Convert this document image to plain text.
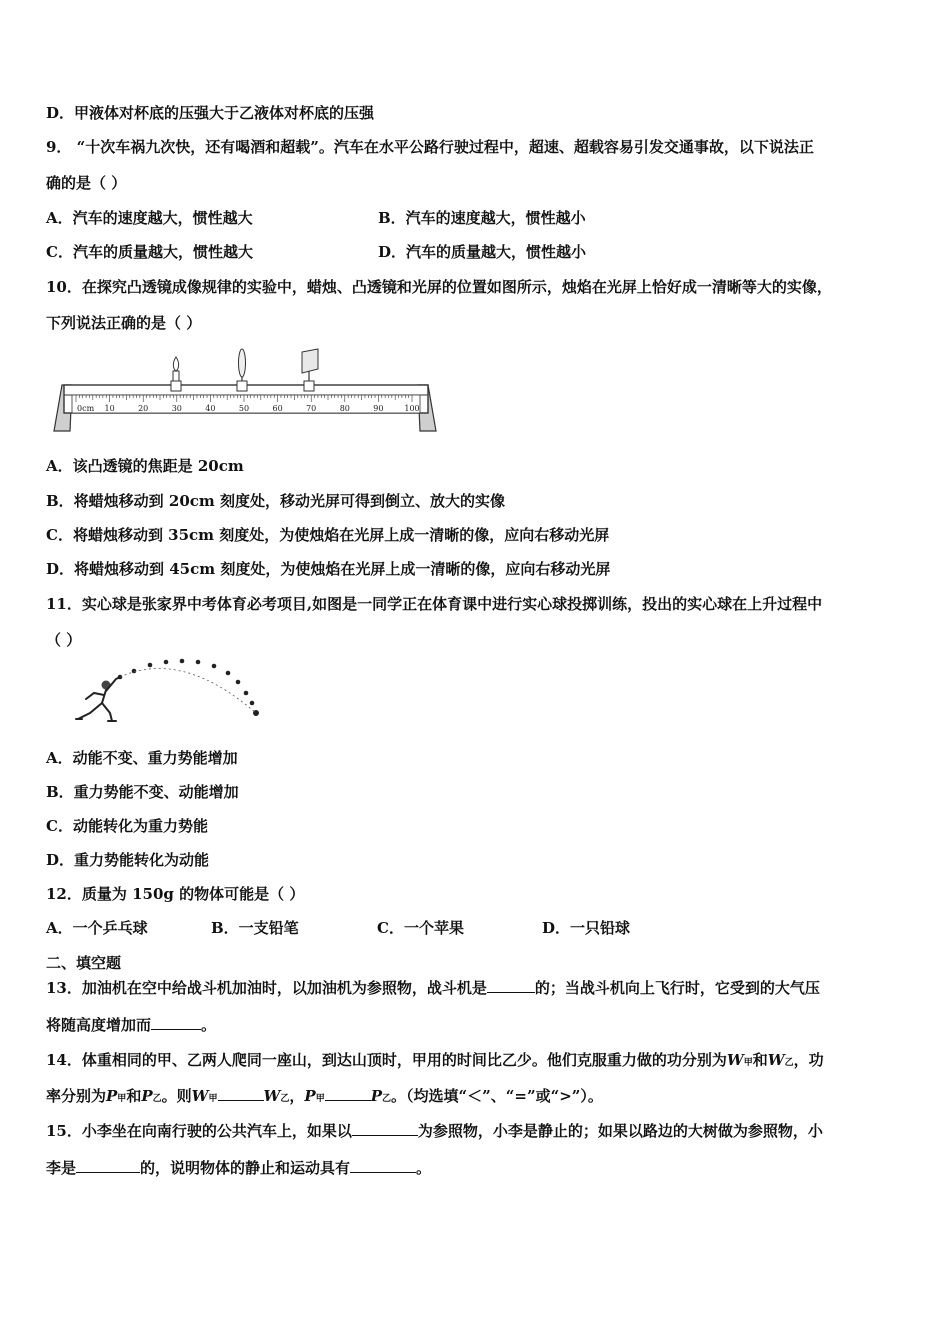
D．甲液体对杯底的压强大于乙液体对杯底的压强
9． “十次车祸九次快，还有喝酒和超载”。汽车在水平公路行驶过程中，超速、超载容易引发交通事故，以下说法正
确的是（ ）
A．汽车的速度越大，惯性越大	B．汽车的速度越大，惯性越小
C．汽车的质量越大，惯性越大	D．汽车的质量越大，惯性越小
10．在探究凸透镜成像规律的实验中，蜡烛、凸透镜和光屏的位置如图所示，烛焰在光屏上恰好成一清晰等大的实像，
下列说法正确的是（ ）
0cm 10	20	30	40	50	60	70	80	90	100
A．该凸透镜的焦距是 20cm
B．将蜡烛移动到 20cm 刻度处，移动光屏可得到倒立、放大的实像
C．将蜡烛移动到 35cm 刻度处，为使烛焰在光屏上成一清晰的像，应向右移动光屏
D．将蜡烛移动到 45cm 刻度处，为使烛焰在光屏上成一清晰的像，应向右移动光屏
11．实心球是张家界中考体育必考项目,如图是一同学正在体育课中进行实心球投掷训练，投出的实心球在上升过程中
（ ）
A．动能不变、重力势能增加
B．重力势能不变、动能增加
C．动能转化为重力势能
D．重力势能转化为动能
12．质量为 150g 的物体可能是（ ）
A．一个乒乓球	B．一支铅笔	C．一个苹果	D．一只铅球
二、填空题
13．加油机在空中给战斗机加油时，以加油机为参照物，战斗机是	的；当战斗机向上飞行时，它受到的大气压
将随高度增加而	。
14．体重相同的甲、乙两人爬同一座山，到达山顶时，甲用的时间比乙少。他们克服重力做的功分别为W甲和W乙，功
率分别为P甲和P乙。则W甲	W乙，P甲	P乙。（均选填“＜”、“=”或“>”）。
15．小李坐在向南行驶的公共汽车上，如果以	为参照物，小李是静止的；如果以路边的大树做为参照物，小
李是	的，说明物体的静止和运动具有	。
